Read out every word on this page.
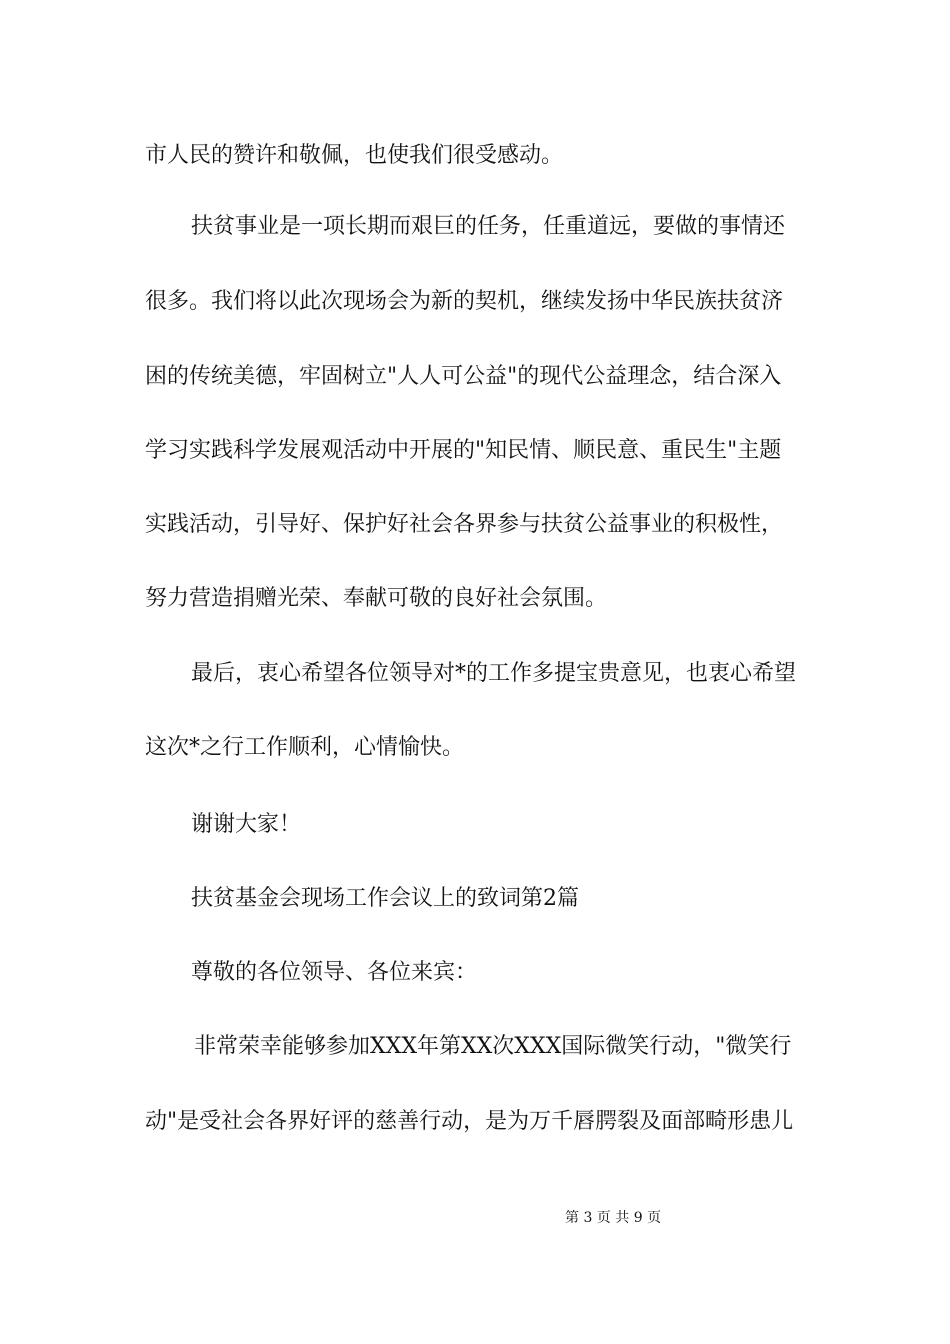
市人民的赞许和敬佩，也使我们很受感动。
扶贫事业是一项长期而艰巨的任务，任重道远，要做的事情还
很多。我们将以此次现场会为新的契机，继续发扬中华民族扶贫济
困的传统美德，牢固树立"人人可公益"的现代公益理念，结合深入
学习实践科学发展观活动中开展的"知民情、顺民意、重民生"主题
实践活动，引导好、保护好社会各界参与扶贫公益事业的积极性，
努力营造捐赠光荣、奉献可敬的良好社会氛围。
最后，衷心希望各位领导对*的工作多提宝贵意见，也衷心希望
这次*之行工作顺利，心情愉快。
谢谢大家！
扶贫基金会现场工作会议上的致词第2篇
尊敬的各位领导、各位来宾：
非常荣幸能够参加XXX年第XX次XXX国际微笑行动，"微笑行
动"是受社会各界好评的慈善行动，是为万千唇腭裂及面部畸形患儿
第 3 页 共 9 页
